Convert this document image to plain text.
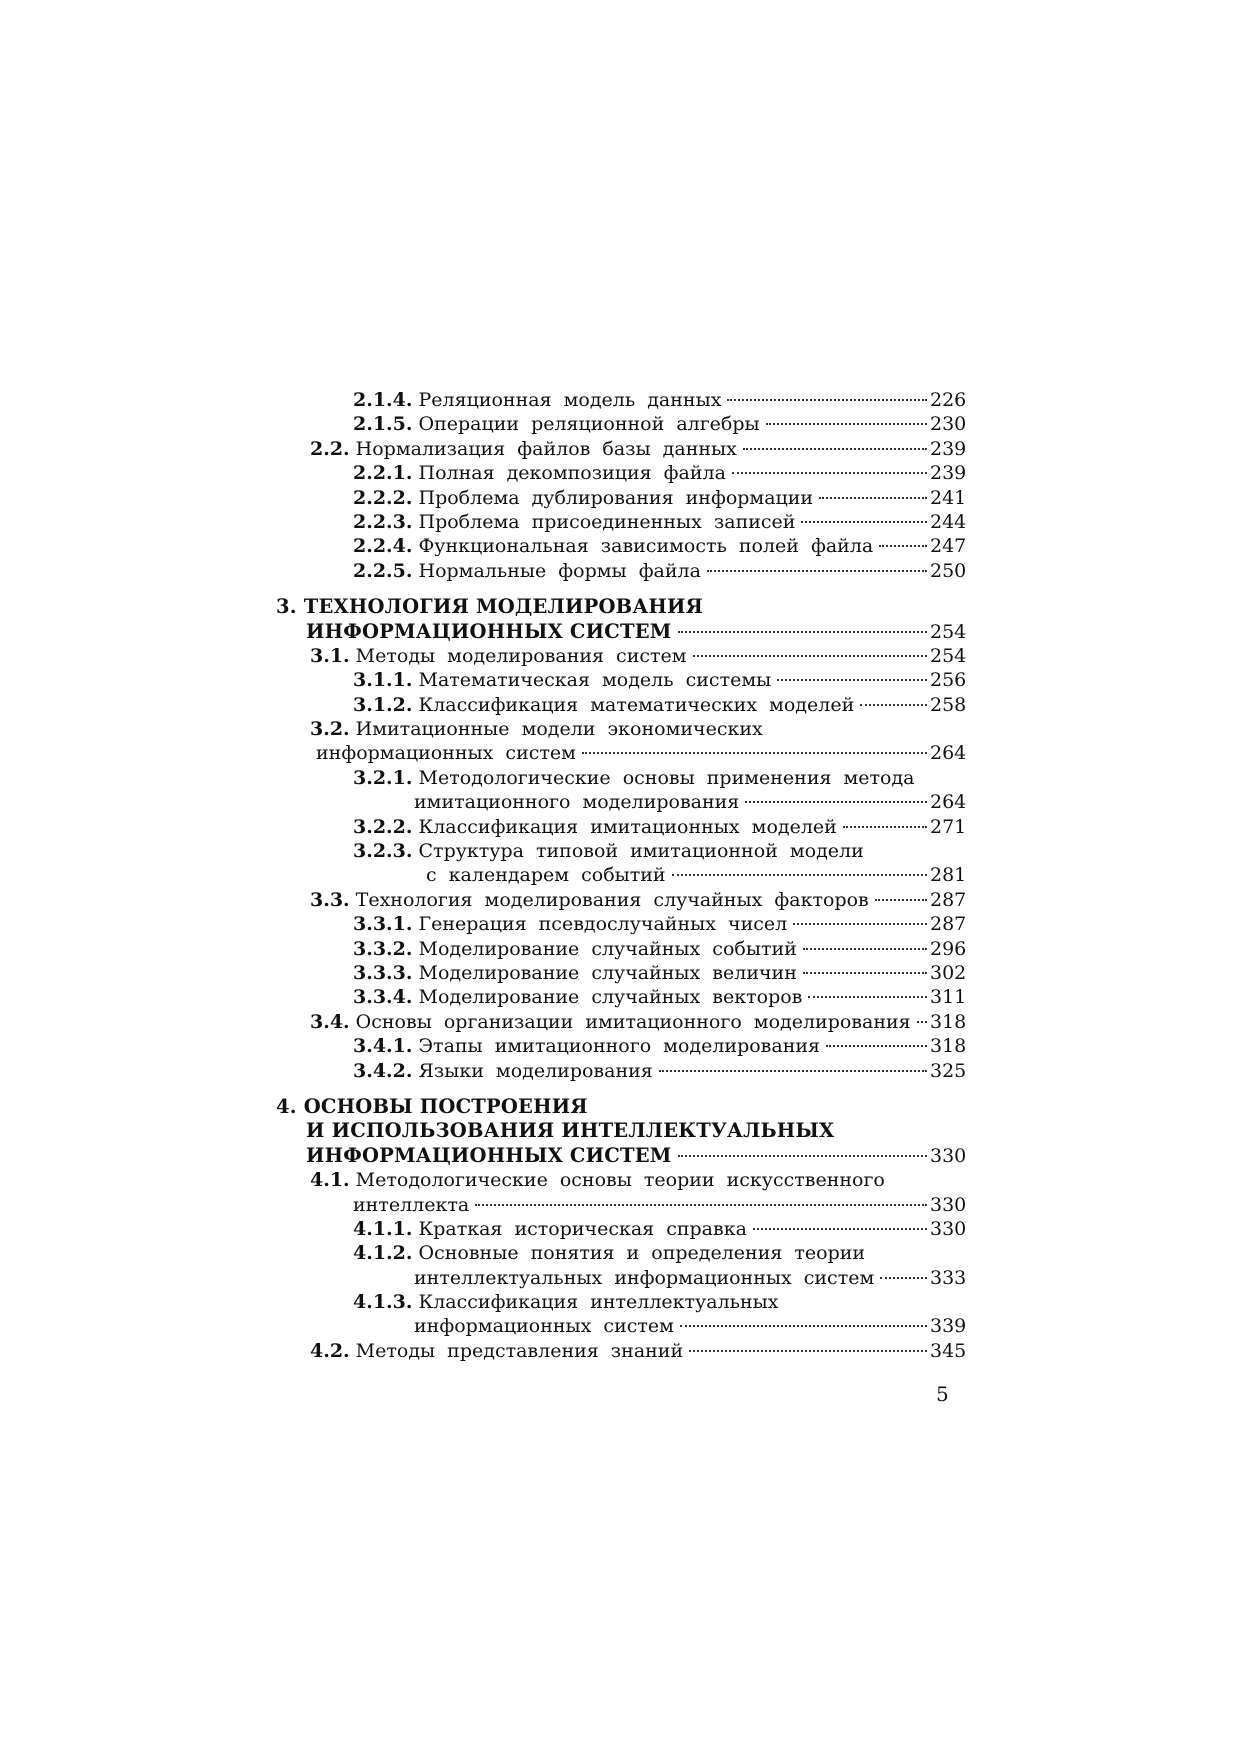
2.1.4. Реляционная модель данных	226
2.1.5. Операции реляционной алгебры	230
2.2. Нормализация файлов базы данных	239
2.2.1. Полная декомпозиция файла	239
2.2.2. Проблема дублирования информации	241
2.2.3. Проблема присоединенных записей	244
2.2.4. Функциональная зависимость полей файла	247
2.2.5. Нормальные формы файла	250
3. ТЕХНОЛОГИЯ МОДЕЛИРОВАНИЯ
ИНФОРМАЦИОННЫХ СИСТЕМ	254
3.1. Методы моделирования систем	254
3.1.1. Математическая модель системы	256
3.1.2. Классификация математических моделей	258
3.2. Имитационные модели экономических
информационных систем	264
3.2.1. Методологические основы применения метода
имитационного моделирования	264
3.2.2. Классификация имитационных моделей	271
3.2.3. Структура типовой имитационной модели
с календарем событий	281
3.3. Технология моделирования случайных факторов	287
3.3.1. Генерация псевдослучайных чисел	287
3.3.2. Моделирование случайных событий	296
3.3.3. Моделирование случайных величин	302
3.3.4. Моделирование случайных векторов	311
3.4. Основы организации имитационного моделирования 318
3.4.1. Этапы имитационного моделирования	318
3.4.2. Языки моделирования	325
4. ОСНОВЫ ПОСТРОЕНИЯ
И ИСПОЛЬЗОВАНИЯ ИНТЕЛЛЕКТУАЛЬНЫХ
ИНФОРМАЦИОННЫХ СИСТЕМ	330
4.1. Методологические основы теории искусственного
интеллекта	330
4.1.1. Краткая историческая справка	330
4.1.2. Основные понятия и определения теории
интеллектуальных информационных систем	333
4.1.3. Классификация интеллектуальных
информационных систем	339
4.2. Методы представления знаний	345
5
